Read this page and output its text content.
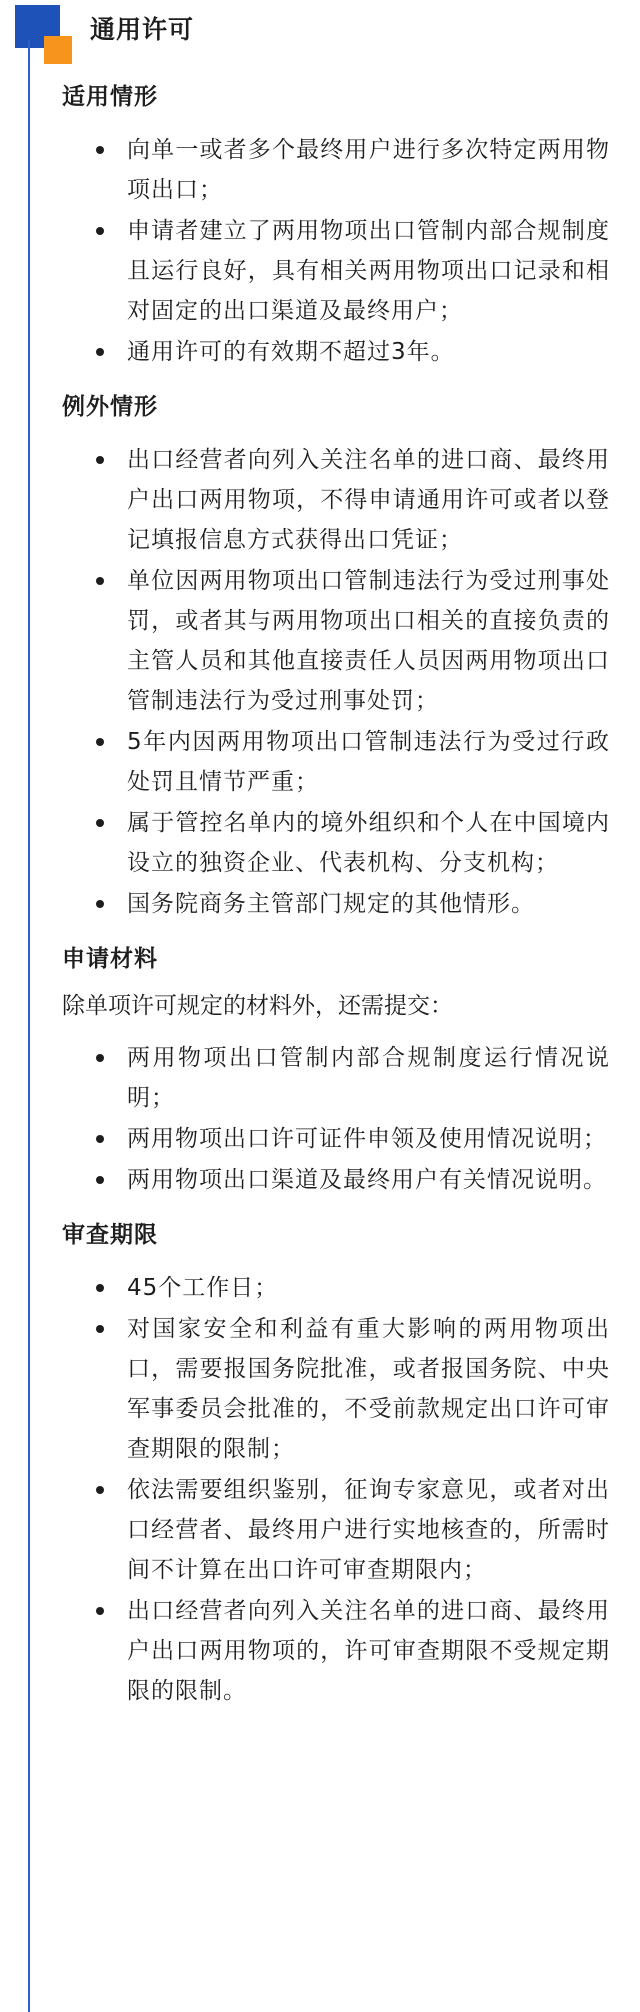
通用许可
适用情形
向单一或者多个最终用户进行多次特定两用物项出口；
申请者建立了两用物项出口管制内部合规制度且运行良好，具有相关两用物项出口记录和相对固定的出口渠道及最终用户；
通用许可的有效期不超过3年。
例外情形
出口经营者向列入关注名单的进口商、最终用户出口两用物项，不得申请通用许可或者以登记填报信息方式获得出口凭证；
单位因两用物项出口管制违法行为受过刑事处罚，或者其与两用物项出口相关的直接负责的主管人员和其他直接责任人员因两用物项出口管制违法行为受过刑事处罚；
5年内因两用物项出口管制违法行为受过行政处罚且情节严重；
属于管控名单内的境外组织和个人在中国境内设立的独资企业、代表机构、分支机构；
国务院商务主管部门规定的其他情形。
申请材料
除单项许可规定的材料外，还需提交：
两用物项出口管制内部合规制度运行情况说明；
两用物项出口许可证件申领及使用情况说明；
两用物项出口渠道及最终用户有关情况说明。
审查期限
45个工作日；
对国家安全和利益有重大影响的两用物项出口，需要报国务院批准，或者报国务院、中央军事委员会批准的，不受前款规定出口许可审查期限的限制；
依法需要组织鉴别，征询专家意见，或者对出口经营者、最终用户进行实地核查的，所需时间不计算在出口许可审查期限内；
出口经营者向列入关注名单的进口商、最终用户出口两用物项的，许可审查期限不受规定期限的限制。
